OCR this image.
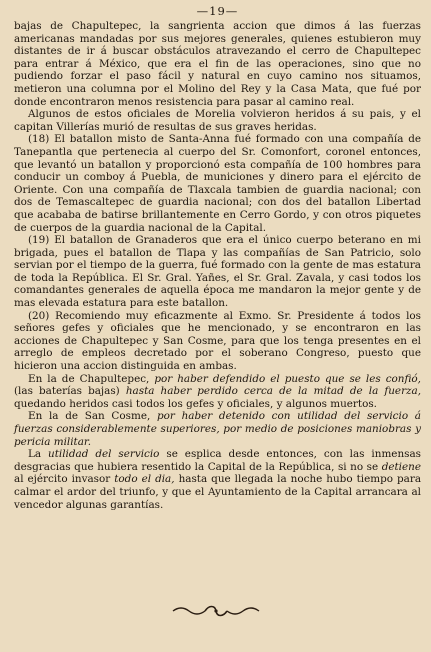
—19—

bajas de Chapultepec, la sangrienta accion que dimos á las fuerzas americanas mandadas por sus mejores generales, quienes estubieron muy distantes de ir á buscar obstáculos atravezando el cerro de Chapultepec para entrar á México, que era el fin de las operaciones, sino que no pudiendo forzar el paso fácil y natural en cuyo camino nos situamos, metieron una columna por el Molino del Rey y la Casa Mata, que fué por donde encontraron menos resistencia para pasar al camino real.

Algunos de estos oficiales de Morelia volvieron heridos á su pais, y el capitan Villerías murió de resultas de sus graves heridas.

(18) El batallon misto de Santa-Anna fué formado con una compañía de Tanepantla que pertenecia al cuerpo del Sr. Comonfort, coronel entonces, que levantó un batallon y proporcionó esta compañía de 100 hombres para conducir un comboy á Puebla, de municiones y dinero para el ejército de Oriente. Con una compañía de Tlaxcala tambien de guardia nacional; con dos de Temascaltepec de guardia nacional; con dos del batallon Libertad que acababa de batirse brillantemente en Cerro Gordo, y con otros piquetes de cuerpos de la guardia nacional de la Capital.

(19) El batallon de Granaderos que era el único cuerpo beterano en mi brigada, pues el batallon de Tlapa y las compañías de San Patricio, solo servian por el tiempo de la guerra, fué formado con la gente de mas estatura de toda la República. El Sr. Gral. Yañes, el Sr. Gral. Zavala, y casi todos los comandantes generales de aquella época me mandaron la mejor gente y de mas elevada estatura para este batallon.

(20) Recomiendo muy eficazmente al Exmo. Sr. Presidente á todos los señores gefes y oficiales que he mencionado, y se encontraron en las acciones de Chapultepec y San Cosme, para que los tenga presentes en el arreglo de empleos decretado por el soberano Congreso, puesto que hicieron una accion distinguida en ambas.

En la de Chapultepec, por haber defendido el puesto que se les confió, (las baterías bajas) hasta haber perdido cerca de la mitad de la fuerza, quedando heridos casi todos los gefes y oficiales, y algunos muertos.

En la de San Cosme, por haber detenido con utilidad del servicio á fuerzas considerablemente superiores, por medio de posiciones maniobras y pericia militar.

La utilidad del servicio se esplica desde entonces, con las inmensas desgracias que hubiera resentido la Capital de la República, si no se detiene al ejército invasor todo el dia, hasta que llegada la noche hubo tiempo para calmar el ardor del triunfo, y que el Ayuntamiento de la Capital arrancara al vencedor algunas garantías.
